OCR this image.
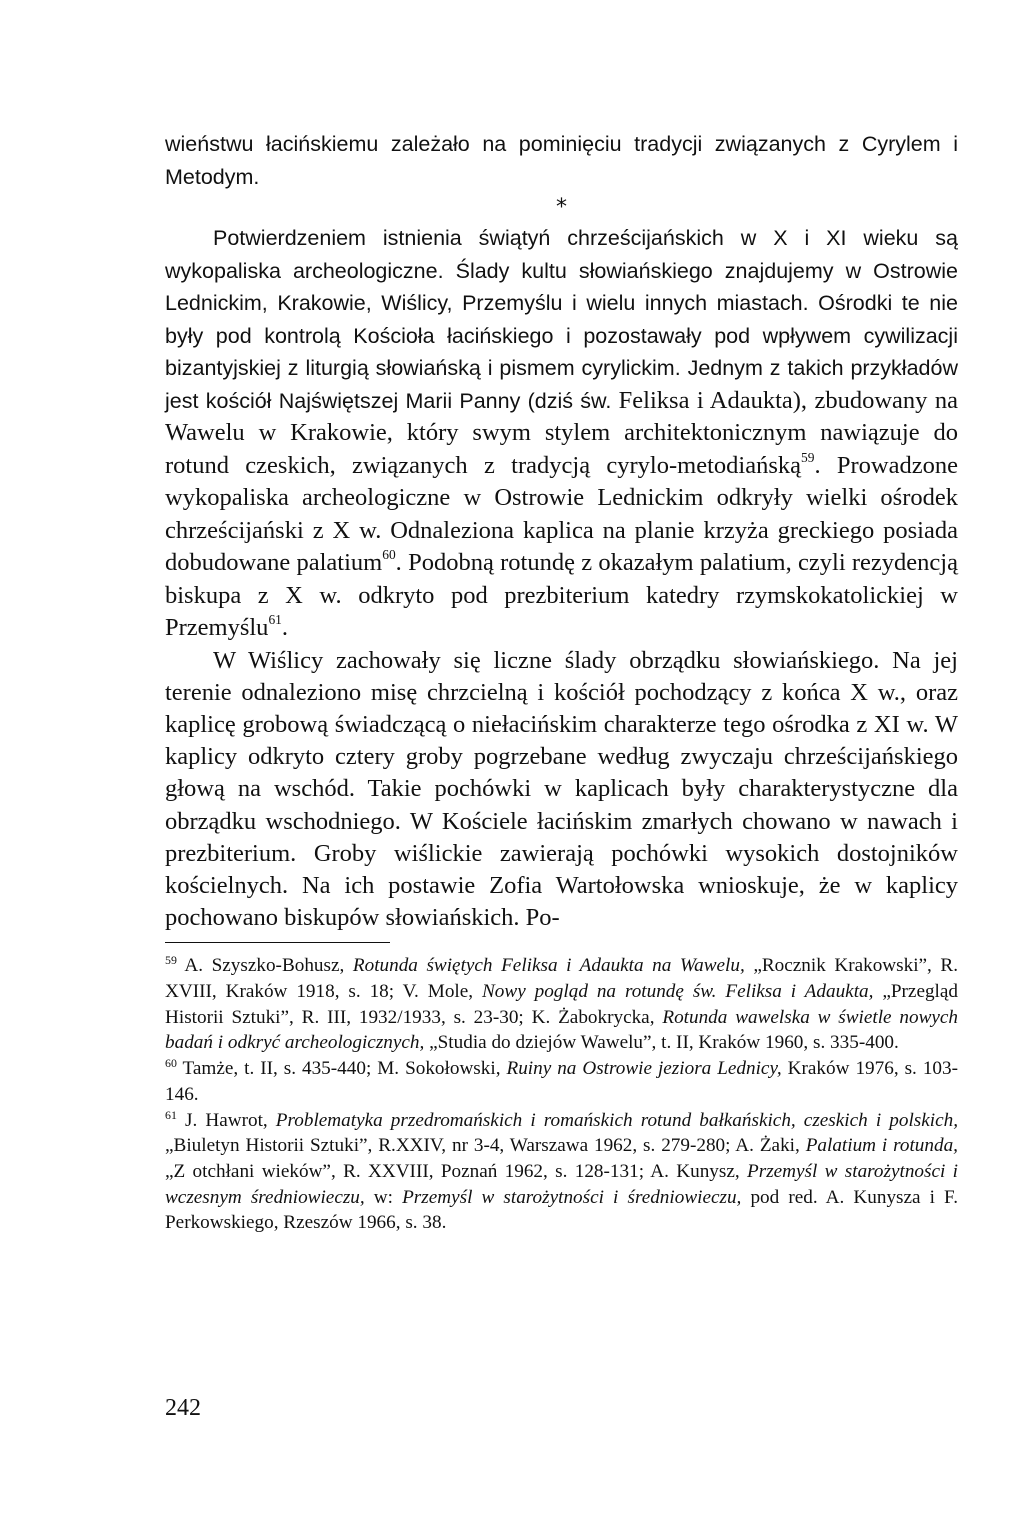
wieństwu łacińskiemu zależało na pominięciu tradycji związanych z Cyrylem i Metodym.

*

Potwierdzeniem istnienia świątyń chrześcijańskich w X i XI wieku są wykopaliska archeologiczne. Ślady kultu słowiańskiego znajdujemy w Ostrowie Lednickim, Krakowie, Wiślicy, Przemyślu i wielu innych miastach. Ośrodki te nie były pod kontrolą Kościoła łacińskiego i pozostawały pod wpływem cywilizacji bizantyjskiej z liturgią słowiańską i pismem cyrylickim. Jednym z takich przykładów jest kościół Najświętszej Marii Panny (dziś św. Feliksa i Adaukta), zbudowany na Wawelu w Krakowie, który swym stylem architektonicznym nawiązuje do rotund czeskich, związanych z tradycją cyrylo-metodiańską$^{59}$. Prowadzone wykopaliska archeologiczne w Ostrowie Lednickim odkryły wielki ośrodek chrześcijański z X w. Odnaleziona kaplica na planie krzyża greckiego posiada dobudowane palatium$^{60}$. Podobną rotundę z okazałym palatium, czyli rezydencją biskupa z X w. odkryto pod prezbiterium katedry rzymskokatolickiej w Przemyślu$^{61}$.

W Wiślicy zachowały się liczne ślady obrządku słowiańskiego. Na jej terenie odnaleziono misę chrzcielną i kościół pochodzący z końca X w., oraz kaplicę grobową świadczącą o niełacińskim charakterze tego ośrodka z XI w. W kaplicy odkryto cztery groby pogrzebane według zwyczaju chrześcijańskiego głową na wschód. Takie pochówki w kaplicach były charakterystyczne dla obrządku wschodniego. W Kościele łacińskim zmarłych chowano w nawach i prezbiterium. Groby wiślickie zawierają pochówki wysokich dostojników kościelnych. Na ich postawie Zofia Wartołowska wnioskuje, że w kaplicy pochowano biskupów słowiańskich. Po-

$^{59}$ A. Szyszko-Bohusz, Rotunda świętych Feliksa i Adaukta na Wawelu, „Rocznik Krakowski”, R. XVIII, Kraków 1918, s. 18; V. Mole, Nowy pogląd na rotundę św. Feliksa i Adaukta, „Przegląd Historii Sztuki”, R. III, 1932/1933, s. 23-30; K. Żabokrycka, Rotunda wawelska w świetle nowych badań i odkryć archeologicznych, „Studia do dziejów Wawelu”, t. II, Kraków 1960, s. 335-400.

$^{60}$ Tamże, t. II, s. 435-440; M. Sokołowski, Ruiny na Ostrowie jeziora Lednicy, Kraków 1976, s. 103-146.

$^{61}$ J. Hawrot, Problematyka przedromańskich i romańskich rotund bałkańskich, czeskich i polskich, „Biuletyn Historii Sztuki”, R.XXIV, nr 3-4, Warszawa 1962, s. 279-280; A. Żaki, Palatium i rotunda, „Z otchłani wieków”, R. XXVIII, Poznań 1962, s. 128-131; A. Kunysz, Przemyśl w starożytności i wczesnym średniowieczu, w: Przemyśl w starożytności i średniowieczu, pod red. A. Kunysza i F. Perkowskiego, Rzeszów 1966, s. 38.

242
